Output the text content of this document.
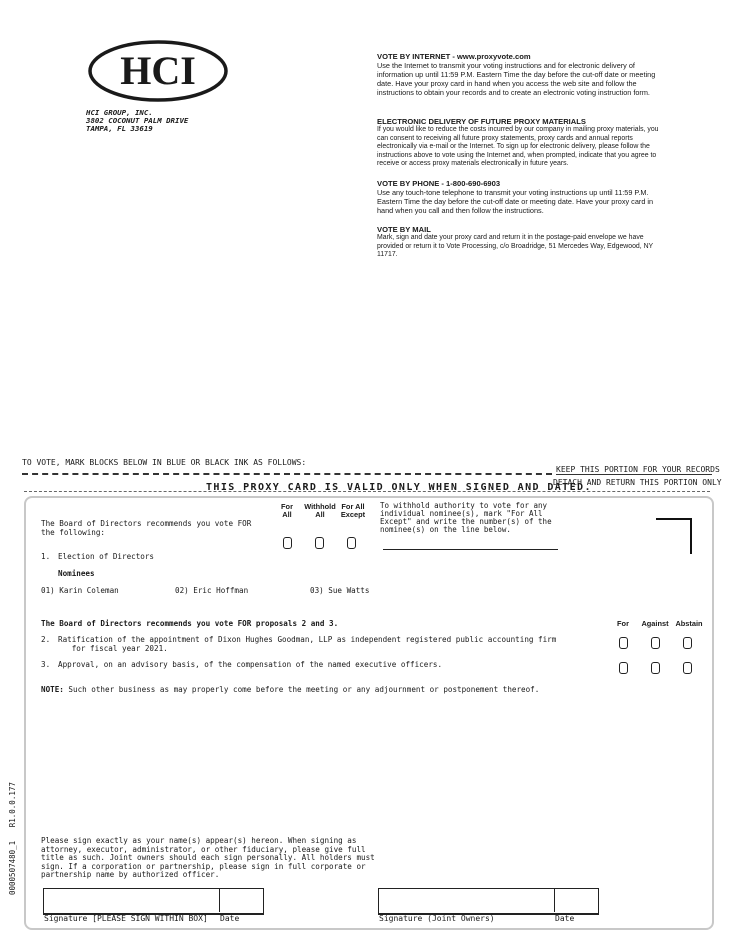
HCI
HCI GROUP, INC.
3802 COCONUT PALM DRIVE
TAMPA, FL 33619
VOTE BY INTERNET - www.proxyvote.com

Use the Internet to transmit your voting instructions and for electronic delivery of information up until 11:59 P.M. Eastern Time the day before the cut-off date or meeting date. Have your proxy card in hand when you access the web site and follow the instructions to obtain your records and to create an electronic voting instruction form.

ELECTRONIC DELIVERY OF FUTURE PROXY MATERIALS

If you would like to reduce the costs incurred by our company in mailing proxy materials, you can consent to receiving all future proxy statements, proxy cards and annual reports electronically via e-mail or the Internet. To sign up for electronic delivery, please follow the instructions above to vote using the Internet and, when prompted, indicate that you agree to receive or access proxy materials electronically in future years.

VOTE BY PHONE - 1-800-690-6903

Use any touch-tone telephone to transmit your voting instructions up until 11:59 P.M. Eastern Time the day before the cut-off date or meeting date. Have your proxy card in hand when you call and then follow the instructions.

VOTE BY MAIL

Mark, sign and date your proxy card and return it in the postage-paid envelope we have provided or return it to Vote Processing, c/o Broadridge, 51 Mercedes Way, Edgewood, NY 11717.

TO VOTE, MARK BLOCKS BELOW IN BLUE OR BLACK INK AS FOLLOWS:
KEEP THIS PORTION FOR YOUR RECORDS
DETACH AND RETURN THIS PORTION ONLY
THIS PROXY CARD IS VALID ONLY WHEN SIGNED AND DATED.
The Board of Directors recommends you vote FOR
the following:
For
All
Withhold
All
For All
Except
To withhold authority to vote for any
individual nominee(s), mark "For All
Except" and write the number(s) of the
nominee(s) on the line below.
1. Election of Directors
Nominees
01) Karin Coleman	02) Eric Hoffman	03) Sue Watts
The Board of Directors recommends you vote FOR proposals 2 and 3.	For	Against Abstain
2. Ratification of the appointment of Dixon Hughes Goodman, LLP as independent registered public accounting firm
for fiscal year 2021.
3. Approval, on an advisory basis, of the compensation of the named executive officers.
NOTE: Such other business as may properly come before the meeting or any adjournment or postponement thereof.
Please sign exactly as your name(s) appear(s) hereon. When signing as
attorney, executor, administrator, or other fiduciary, please give full
title as such. Joint owners should each sign personally. All holders must
sign. If a corporation or partnership, please sign in full corporate or
partnership name by authorized officer.
Signature [PLEASE SIGN WITHIN BOX] Date	Signature (Joint Owners)	Date
0000507480_1   R1.0.0.177
